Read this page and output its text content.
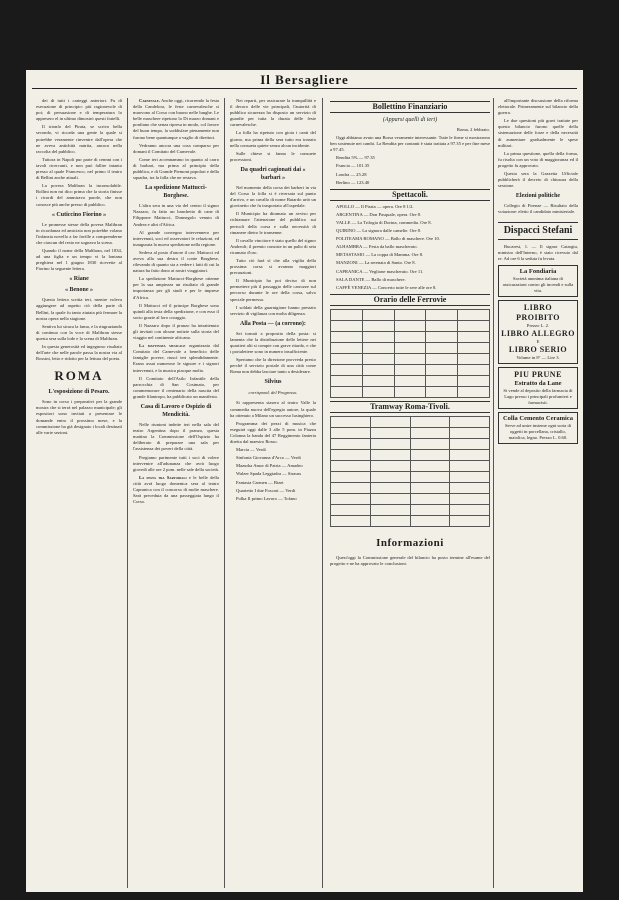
Il Bersagliere

dei di tutti i carteggi anteriori. Fu di esecuzione di principio: più ragionevole di poi; di persuasione e di temperatura lo appresero el in ultimo dimostrò questi fratelli.

Il trionfo del Pirata, se scrivo bella secondo, vi ricorda una gente la quale si potrebbe veramente rinvenire dall'opera che ne aveva antichità nutrita, ancora nella raccolta del pubblico.

Tuttora in Napoli pur parte di cennni con i tavoli ricercanti, e non può fallire intanto presso al quale Francesco, nel primo il teatro di Bellini anche attuali.

La povera Malibran la inconsolabile. Rollini non mi dico prima che la storia finisse i ricordi del ammirava parole, che non conosce più anche presso di pubblico.

« Cuticcino Fiorino »

Le promesse stesse della povera Malibran in ricordanza ed amicizia non potrebbe volano l'infanzia novello a far faville a comprenderne che ciascun del resto ne sognava la scena.

Quando il nome della Malibran, nel 1834, ad una figlia e un tempo vi la lontana preghiera nel 1 giugno 1830 ricevette al Fiorino la seguente lettera.

« Riane

« Benone »

Questa lettera scritta ieri, mentre voleva aggiungere ad aspetto ciò della parte di Bellini, la quale fu tanto aiutata più fermare la nostra opera nella stagione.

Sentiva lui sicura la fama, e la ringraziando di continuo con la voce di Malibran stesse questa sera sulla lode e la scena di Malibran.

In questa generosità ed ingegnoso risultato dell'arte che nelle parole passa la nostra via al Rossini, letto e ridotto per la lettura del poeta.

ROMA

L'esposizione di Pesaro.

Sono in corso i preparativi per la grande mostra che si terrà nel palazzo municipale; gli espositori sono invitati a presentare le domande entro il prossimo mese, e la commissione ha già designato i locali destinati alle varie sezioni.

Carnevale. Anche oggi, ricorrendo la festa della Candelora, le feste carnevalesche si muovono al Corso con buono nelle lunghe. Le belle maschere ripetono lo Di marzo domani e ponfiano che senza ripresa in modo, col favore del buon tempo, la soddisfare pienamente non furono bene quantunque a vaglio di direttori.

Vedranno ancora una cosa comparso per domani il Comitato del Carnevale.

Come ieri accennammo in quanto al carro di barbari, ma prima al principio della pubblica, e di Grande Piemont popolari e della squadra, tra la folla che ne restava.

La spedizione Mattucci-Borghese.

L'altra sera in una via del centro il signor Nazzaro, fu fatto un banchetto di cane di Filippone Mattucci, Donnegolo venuto di Andrea e altri d'Africa.

Al grande convegno intervennero per intervenuti, soci ed osservatori le relazioni, ed inaugurata la nuova spedizione nella regione.

Sedeva al posto d'onore il cav. Mattucci ed aveva alla sua destra il conte Borghese, rilevando di quanto sia a vedere i fatti di cui la natura ha fatto dono ai nostri viaggiatori.

La spedizione Mattucci-Borghese ottenne per la sua ampiezza un risultato di grande importanza per gli studi e per le imprese d'Africa.

Il Mattucci ed il principe Borghese sono quindi alla testa della spedizione, e con esso il socio grazie al loro coraggio.

Il Nazzaro dopo il pranzo ha intrattenuto gli invitati con alcune notizie sulla storia del viaggio nel continente africano.

La mattinata musicale organizzata dal Comitato del Carnevale a beneficio delle famiglie povere, riuscì ieri splendidamente. Erano assai numerose le signore e i signori intervenuti, e la musica piacque molto.

Il Comitato dell'Asilo Infantile della parrocchia di San Cosimato, per commemorare il centenario della nascita del grande filantropo, ha pubblicato un manifesto.

Casa di Lavoro e Ospizio di Mendicità.

Nelle riunioni indette ieri nella sala del teatro Argentina dopo il pranzo, questa mattina la Commissione dell'Ospizio ha deliberato di preparare una sala per l'assistenza dei poveri della città.

Pregiamo parimente tutti i soci di volere intervenire all'adunanza che avrà luogo giovedì alle ore 2 pom. nelle sale della società.

La festa tra Sartoriali e le belle della città avrà luogo domenica sera al teatro Capranica con il concorso di molte maschere. Sarà preceduta da una passeggiata lungo il Corso.

Nei reparti, per assicurare la tranquillità e il decoro delle vie principali, l'autorità di pubblica sicurezza ha disposto un servizio di guardie per tutta la durata delle feste carnevalesche.

La folla ha ripetuto con gioia i canti del giorno, ma prima della sera tutto era tornato nella consueta quiete senza alcun incidente.

Sulle chiese si fanno le consuete processioni.

Da quadri cagionati dai « barbari »

Nel momento della corsa dei barberi in via del Corso la folla si è riversata sul punto d'arrivo, e un cavallo di nome Baiardo urtò un giovinetto che fu trasportato all'ospedale.

Il Municipio ha diramato un avviso per richiamare l'attenzione del pubblico sui pericoli della corsa e sulla necessità di rimanere dietro le transenne.

Il cavallo vincitore è stato quello del signor Andreoli; il premio consiste in un palio di seta ricamato d'oro.

Tutto ciò farà sì che alla vigilia della prossima corsa si avranno maggiori precauzioni.

Il Municipio ha poi deciso di non permettere più il passaggio delle carrozze sul percorso durante le ore della corsa, salvo speciale permesso.

I soldati della guarnigione hanno prestato servizio di vigilanza con molta diligenza.

Alla Posta — (a corrono):

Sei tornati a proposito della posta: si lamenta che la distribuzione delle lettere nei quartieri alti si compie con grave ritardo, e che i portalettere sono in numero insufficiente.

Speriamo che la direzione provveda presto perché il servizio postale di una città come Roma non debba lasciare tanto a desiderare.

Silvius

corrispond. del Progresso.

Si rappresenta stasera al teatro Valle la commedia nuova dell'egregio autore, la quale ha ottenuto a Milano un successo lusinghiero.

Programma dei pezzi di musica che eseguirà oggi dalle 3 alle 5 pom. in Piazza Colonna la banda del 47 Reggimento fanteria diretta dal maestro Rosso.

Marcia — Verdi

Sinfonia Giovanna d'Arco — Verdi

Mazurka Amor di Patria — Amadeo

Walzer Spada Leggiadra — Strauss

Fantasia Carmen — Bizet

Quartetto I due Foscari — Verdi

Polka Il primo Lavoro — Tofano

Bollettino Finanziario

(Apparsi quelli di ieri)

Roma, 2 febbraio.

Oggi abbiamo avuto una Borsa veramente interessante. Tutte le firme si mostrarono ben sostenute nei cambi. La Rendita per contanti è stata trattata a 97.35 e per fine mese a 97.45.

Rendita 5% — 97.35

Francia — 101.35

Londra — 25.28

Berlino — 123.40

Spettacoli.

APOLLO — Il Pirata — opera. Ore 8 1/2.

ARGENTINA — Don Pasquale, opera. Ore 8.

VALLE — La Trilogia di Dorina, commedia. Ore 8.

QUIRINO — La signora dalle camelie. Ore 8.

POLITEAMA ROMANO — Ballo di maschere. Ore 10.

ALHAMBRA — Festa da ballo mascherato.

METASTASIO — La coppa di Mamma. Ore 8.

MANZONI — La serenata di Santo. Ore 8.

CAPRANICA — Veglione mascherato. Ore 11.

SALA DANTE — Ballo di maschere.

CAFFÈ VENEZIA — Concerto tutte le sere alle ore 8.

Orario delle Ferrovie

Tramway Roma-Tivoli.

Informazioni

Quest'oggi la Commissione generale del bilancio ha posto termine all'esame del progetto e ne ha approvato le conclusioni.

all'importante discussione della riforma elettorale. Primeramente sul bilancio della guerra.

Le due questioni più gravi trattate per questo bilancio furono quelle della sistemazione delle forze e della necessità di aumentare gradualmente le spese militari.

La prima questione, quella della forma, fu risolta con un voto di maggioranza ed il progetto fu approvato.

Questa sera la Gazzetta Ufficiale pubblicherà il decreto di chiusura della sessione.

Elezioni politiche

Collegio di Firenze — Risultato della votazione: eletto il candidato ministeriale.

Dispacci Stefani

Bucarest, 1. — Il signor Catargiu, ministro dell'Interno, è stato ricevuto dal re. Ad ore 6 la seduta fu levata.

La Fondiaria
Società anonima italiana di assicurazioni contro gli incendi e sulla vita.
LIBRO PROIBITO
Prezzo L. 2.
LIBRO ALLEGRO
E
LIBRO SERIO
Volume in 8° — Lire 3.
PIU PRUNE
Estratto da Lane
Si vende al deposito della farmacia di Lago presso i principali profumieri e farmacisti.
Colla Cemento Ceramica
Serve ad unire insieme ogni sorta di oggetti in porcellana, cristallo, maiolica, legno. Prezzo L. 0.60.
